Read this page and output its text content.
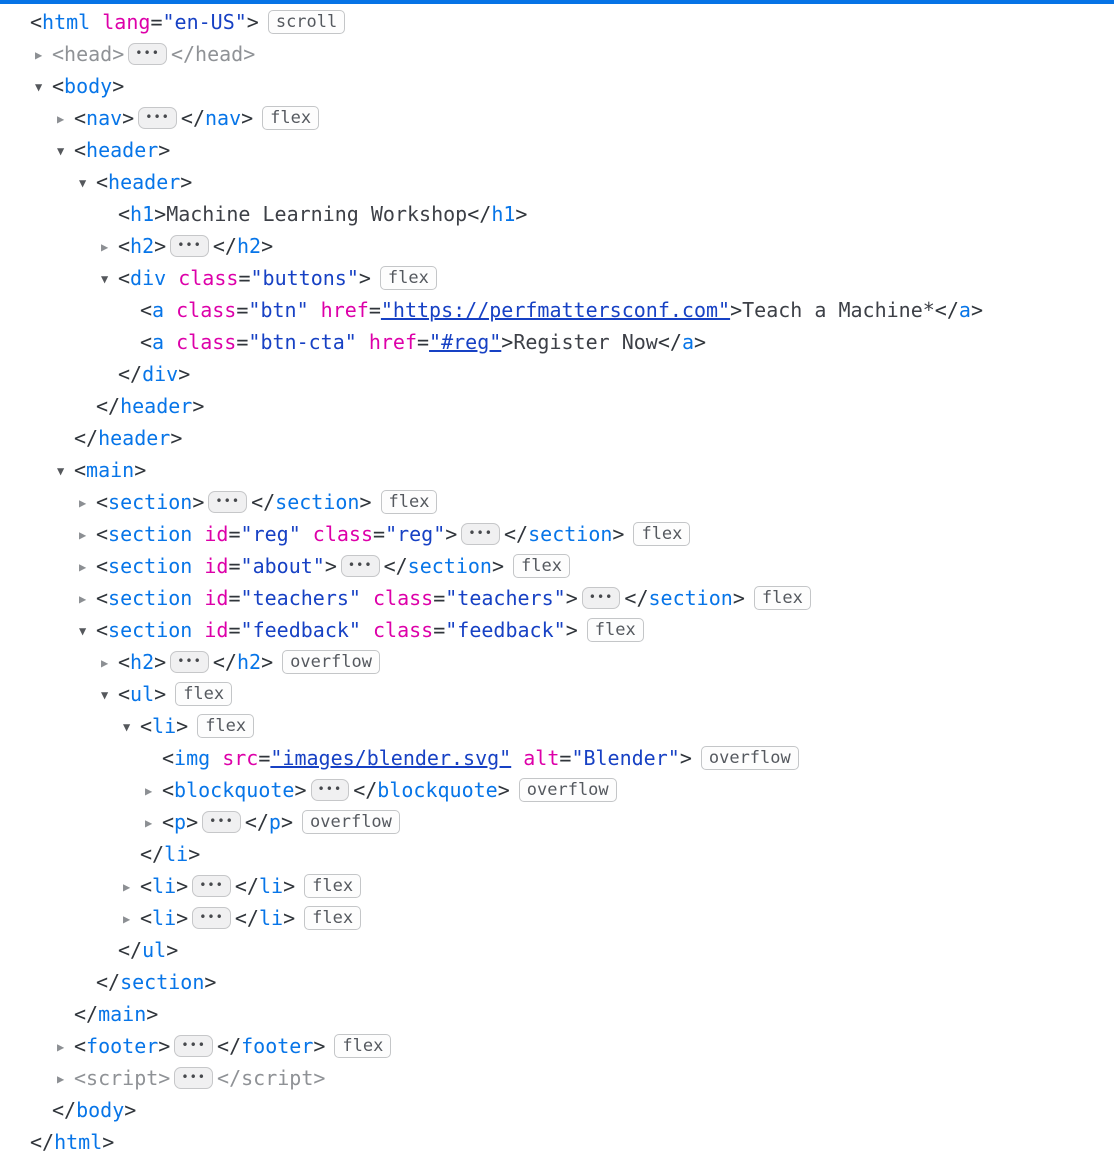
<html lang="en-US">	scroll
▶ <head> ••• </head>
▼ <body>
▶ <nav> ••• </nav>	flex
▼ <header>
▼ <header>
<h1> Machine Learning Workshop </h1>
▶ <h2> ••• </h2>
▼ <div class="buttons">	flex
<a class="btn" href="https://perfmattersconf.com"> Teach a Machine* </a>
<a class="btn-cta" href="#reg"> Register Now </a>
</div>
</header>
</header>
▼ <main>
▶ <section> ••• </section>	flex
▶ <section id="reg" class="reg"> ••• </section>	flex
▶ <section id="about"> ••• </section>	flex
▶ <section id="teachers" class="teachers"> ••• </section>	flex
▼ <section id="feedback" class="feedback">	flex
▶ <h2> ••• </h2>	overflow
▼ <ul>	flex
▼ <li>	flex
<img src="images/blender.svg" alt="Blender">	overflow
▶ <blockquote> ••• </blockquote>	overflow
▶ <p> ••• </p>	overflow
</li>
▶ <li> ••• </li>	flex
▶ <li> ••• </li>	flex
</ul>
</section>
</main>
▶ <footer> ••• </footer>	flex
▶ <script> ••• </script>
</body>
</html>
